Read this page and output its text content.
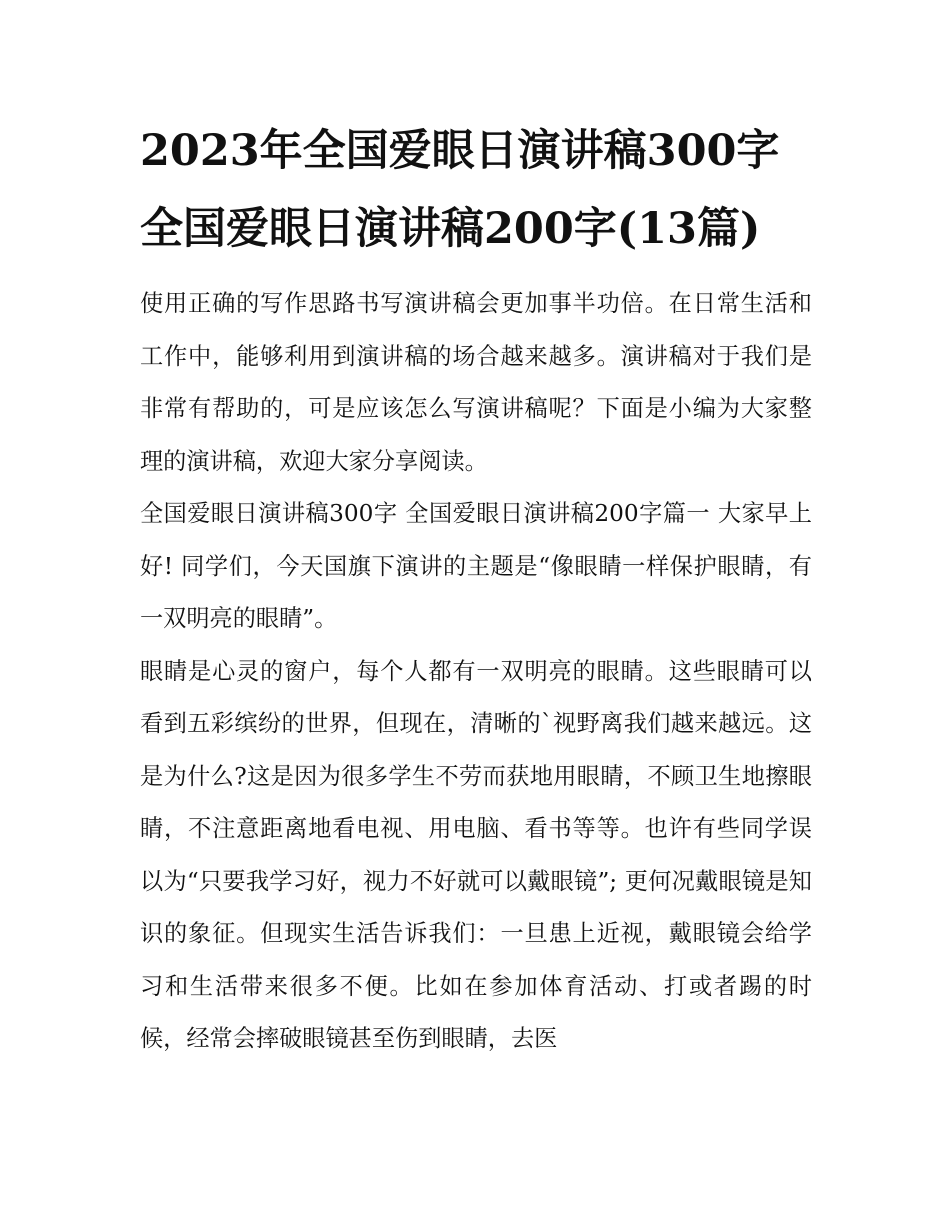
2023年全国爱眼日演讲稿300字 全国爱眼日演讲稿200字(13篇)

使用正确的写作思路书写演讲稿会更加事半功倍。在日常生活和工作中，能够利用到演讲稿的场合越来越多。演讲稿对于我们是非常有帮助的，可是应该怎么写演讲稿呢？下面是小编为大家整理的演讲稿，欢迎大家分享阅读。

全国爱眼日演讲稿300字 全国爱眼日演讲稿200字篇一 大家早上好! 同学们，今天国旗下演讲的主题是“像眼睛一样保护眼睛，有一双明亮的眼睛”。

眼睛是心灵的窗户，每个人都有一双明亮的眼睛。这些眼睛可以看到五彩缤纷的世界，但现在，清晰的`视野离我们越来越远。这是为什么?这是因为很多学生不劳而获地用眼睛，不顾卫生地擦眼睛，不注意距离地看电视、用电脑、看书等等。也许有些同学误以为“只要我学习好，视力不好就可以戴眼镜”; 更何况戴眼镜是知识的象征。但现实生活告诉我们：一旦患上近视，戴眼镜会给学习和生活带来很多不便。比如在参加体育活动、打或者踢的时候，经常会摔破眼镜甚至伤到眼睛，去医
